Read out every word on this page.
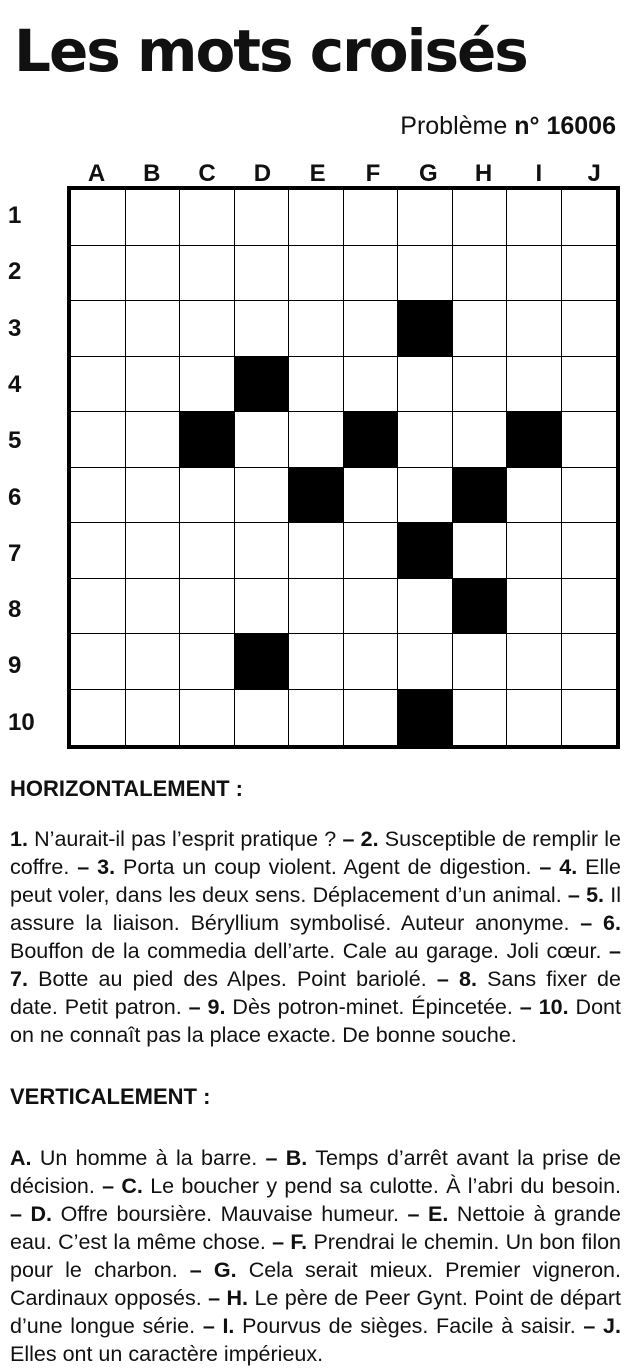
Les mots croisés
Problème n° 16006
A	B	C	D	E	F	G	H	I	J
1
2
3
4
5
6
7
8
9
10
HORIZONTALEMENT :
1. N’aurait-il pas l’esprit pratique ? – 2. Susceptible de remplir le coffre. – 3. Porta un coup violent. Agent de digestion. – 4. Elle peut voler, dans les deux sens. Déplacement d’un animal. – 5. Il assure la liaison. Béryllium symbolisé. Auteur anonyme. – 6. Bouffon de la commedia dell’arte. Cale au garage. Joli cœur. – 7. Botte au pied des Alpes. Point bariolé. – 8. Sans fixer de date. Petit patron. – 9. Dès potron-minet. Épincetée. – 10. Dont on ne connaît pas la place exacte. De bonne souche.
VERTICALEMENT :
A. Un homme à la barre. – B. Temps d’arrêt avant la prise de décision. – C. Le boucher y pend sa culotte. À l’abri du besoin. – D. Offre boursière. Mauvaise humeur. – E. Nettoie à grande eau. C’est la même chose. – F. Prendrai le chemin. Un bon filon pour le charbon. – G. Cela serait mieux. Premier vigneron. Cardinaux opposés. – H. Le père de Peer Gynt. Point de départ d’une longue série. – I. Pourvus de sièges. Facile à saisir. – J. Elles ont un caractère impérieux.
